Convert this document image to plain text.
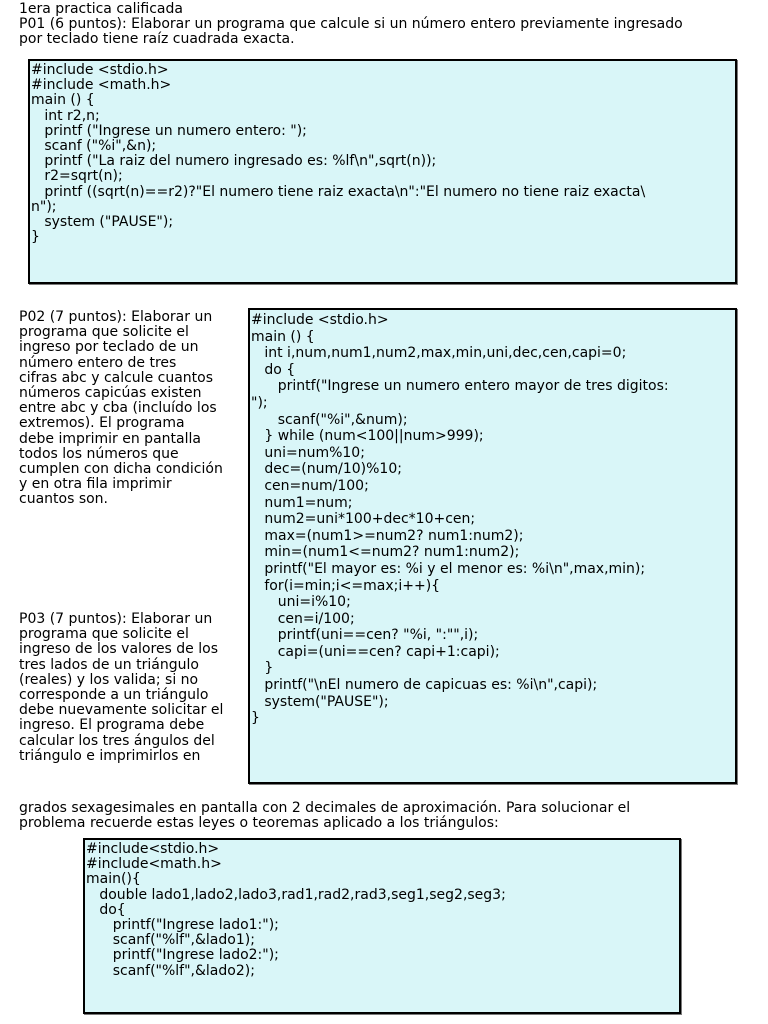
1era practica calificada
P01 (6 puntos): Elaborar un programa que calcule si un número entero previamente ingresado
por teclado tiene raíz cuadrada exacta.
#include <stdio.h>
#include <math.h>
main () {
int r2,n;
printf ("Ingrese un numero entero: ");
scanf ("%i",&n);
printf ("La raiz del numero ingresado es: %lf\n",sqrt(n));
r2=sqrt(n);
printf ((sqrt(n)==r2)?"El numero tiene raiz exacta\n":"El numero no tiene raiz exacta\
n");
system ("PAUSE");
}
P02 (7 puntos): Elaborar un
programa que solicite el
ingreso por teclado de un
número entero de tres
cifras abc y calcule cuantos
números capicúas existen
entre abc y cba (incluído los
extremos). El programa
debe imprimir en pantalla
todos los números que
cumplen con dicha condición
y en otra fila imprimir
cuantos son.
#include <stdio.h>
main () {
int i,num,num1,num2,max,min,uni,dec,cen,capi=0;
do {
printf("Ingrese un numero entero mayor de tres digitos:
");
scanf("%i",&num);
} while (num<100||num>999);
uni=num%10;
dec=(num/10)%10;
cen=num/100;
num1=num;
num2=uni*100+dec*10+cen;
max=(num1>=num2? num1:num2);
min=(num1<=num2? num1:num2);
printf("El mayor es: %i y el menor es: %i\n",max,min);
for(i=min;i<=max;i++){
uni=i%10;
cen=i/100;
printf(uni==cen? "%i, ":"",i);
capi=(uni==cen? capi+1:capi);
}
printf("\nEl numero de capicuas es: %i\n",capi);
system("PAUSE");
}
P03 (7 puntos): Elaborar un
programa que solicite el
ingreso de los valores de los
tres lados de un triángulo
(reales) y los valida; si no
corresponde a un triángulo
debe nuevamente solicitar el
ingreso. El programa debe
calcular los tres ángulos del
triángulo e imprimirlos en
grados sexagesimales en pantalla con 2 decimales de aproximación. Para solucionar el
problema recuerde estas leyes o teoremas aplicado a los triángulos:
#include<stdio.h>
#include<math.h>
main(){
double lado1,lado2,lado3,rad1,rad2,rad3,seg1,seg2,seg3;
do{
printf("Ingrese lado1:");
scanf("%lf",&lado1);
printf("Ingrese lado2:");
scanf("%lf",&lado2);
